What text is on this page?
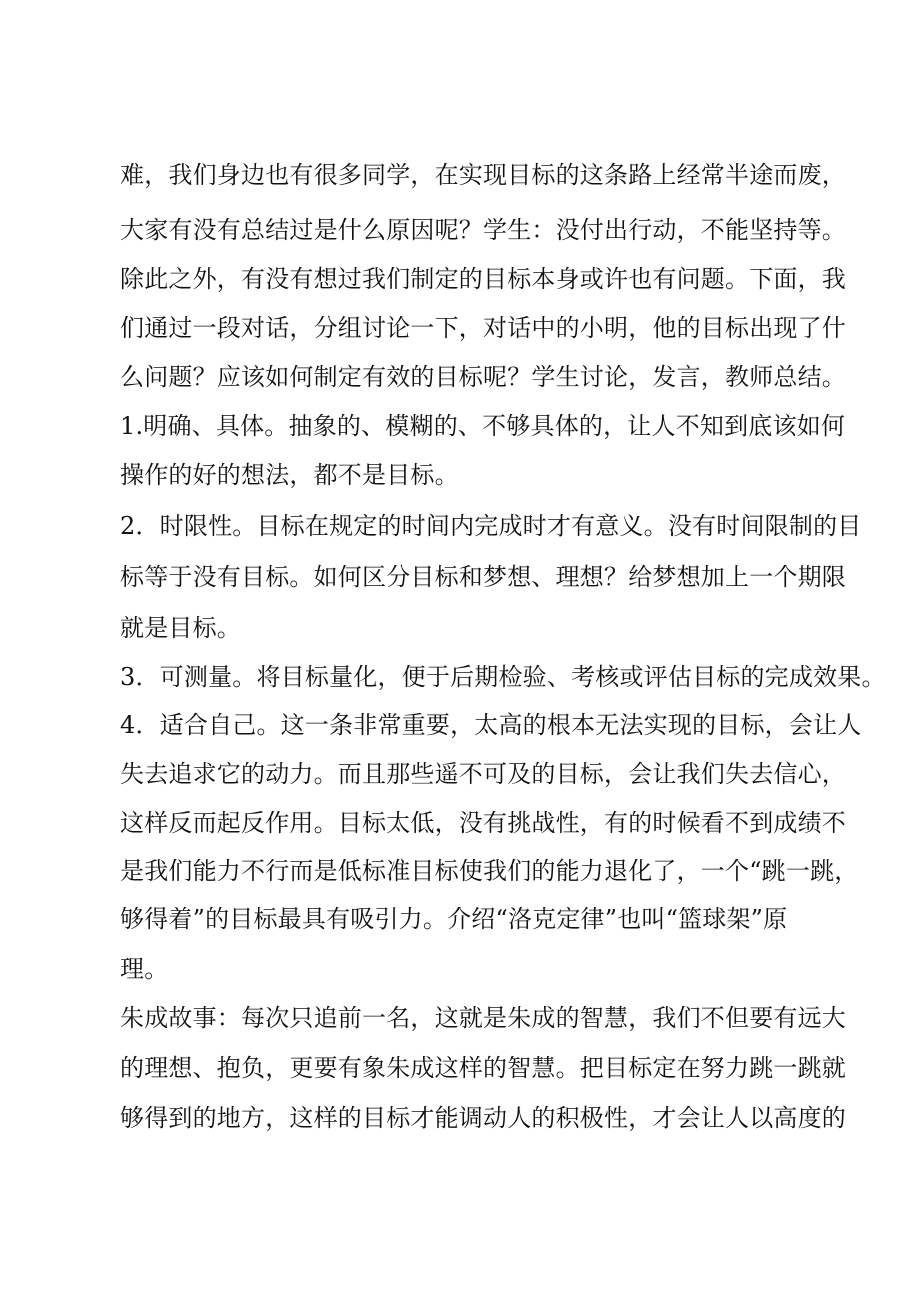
难，我们身边也有很多同学，在实现目标的这条路上经常半途而废，
大家有没有总结过是什么原因呢？学生：没付出行动，不能坚持等。
除此之外，有没有想过我们制定的目标本身或许也有问题。下面，我
们通过一段对话，分组讨论一下，对话中的小明，他的目标出现了什
么问题？应该如何制定有效的目标呢？学生讨论，发言，教师总结。
1.明确、具体。抽象的、模糊的、不够具体的，让人不知到底该如何
操作的好的想法，都不是目标。
2．时限性。目标在规定的时间内完成时才有意义。没有时间限制的目
标等于没有目标。如何区分目标和梦想、理想？给梦想加上一个期限
就是目标。
3．可测量。将目标量化，便于后期检验、考核或评估目标的完成效果。
4．适合自己。这一条非常重要，太高的根本无法实现的目标，会让人
失去追求它的动力。而且那些遥不可及的目标，会让我们失去信心，
这样反而起反作用。目标太低，没有挑战性，有的时候看不到成绩不
是我们能力不行而是低标准目标使我们的能力退化了，一个“跳一跳，
够得着”的目标最具有吸引力。介绍“洛克定律”也叫“篮球架”原
理。
朱成故事：每次只追前一名，这就是朱成的智慧，我们不但要有远大
的理想、抱负，更要有象朱成这样的智慧。把目标定在努力跳一跳就
够得到的地方，这样的目标才能调动人的积极性，才会让人以高度的
